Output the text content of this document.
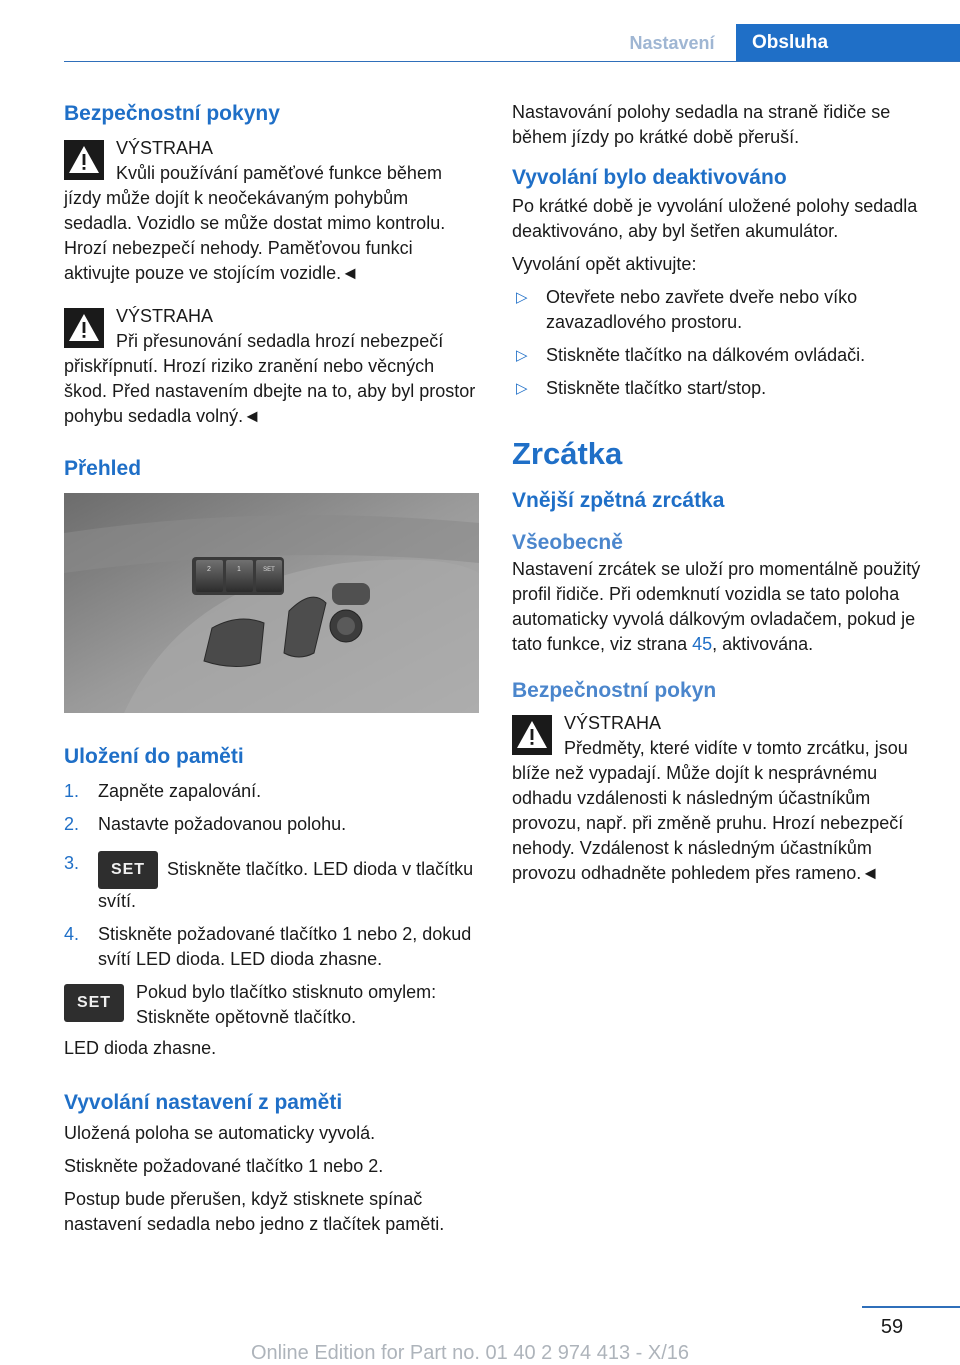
Nastavení	Obsluha
Bezpečnostní pokyny
VÝSTRAHA
Kvůli používání paměťové funkce během jízdy může dojít k neočekávaným pohybům sedadla. Vozidlo se může dostat mimo kontrolu. Hrozí nebezpečí nehody. Paměťovou funkci aktivujte pouze ve stojícím vozidle.◄
VÝSTRAHA
Při přesunování sedadla hrozí nebezpečí přiskřípnutí. Hrozí riziko zranění nebo věcných škod. Před nastavením dbejte na to, aby byl prostor pohybu sedadla volný.◄
Přehled
2	1	SET
Uložení do paměti
1. Zapněte zapalování.
2. Nastavte požadovanou polohu.
3. SET Stiskněte tlačítko. LED dioda v tlačítku svítí.
4. Stiskněte požadované tlačítko 1 nebo 2, dokud svítí LED dioda. LED dioda zhasne.
SET
Pokud bylo tlačítko stisknuto omylem: Stiskněte opětovně tlačítko.

LED dioda zhasne.

Vyvolání nastavení z paměti

Uložená poloha se automaticky vyvolá.

Stiskněte požadované tlačítko 1 nebo 2.

Postup bude přerušen, když stisknete spínač nastavení sedadla nebo jedno z tlačítek paměti.

Nastavování polohy sedadla na straně řidiče se během jízdy po krátké době přeruší.

Vyvolání bylo deaktivováno

Po krátké době je vyvolání uložené polohy sedadla deaktivováno, aby byl šetřen akumulátor.

Vyvolání opět aktivujte:

▷ Otevřete nebo zavřete dveře nebo víko zavazadlového prostoru.
▷ Stiskněte tlačítko na dálkovém ovládači.
▷ Stiskněte tlačítko start/stop.
Zrcátka
Vnější zpětná zrcátka
Všeobecně

Nastavení zrcátek se uloží pro momentálně použitý profil řidiče. Při odemknutí vozidla se tato poloha automaticky vyvolá dálkovým ovladačem, pokud je tato funkce, viz strana 45, aktivována.

Bezpečnostní pokyn
VÝSTRAHA
Předměty, které vidíte v tomto zrcátku, jsou blíže než vypadají. Může dojít k nesprávnému odhadu vzdálenosti k následným účastníkům provozu, např. při změně pruhu. Hrozí nebezpečí nehody. Vzdálenost k následným účastníkům provozu odhadněte pohledem přes rameno.◄
59
Online Edition for Part no. 01 40 2 974 413 - X/16
